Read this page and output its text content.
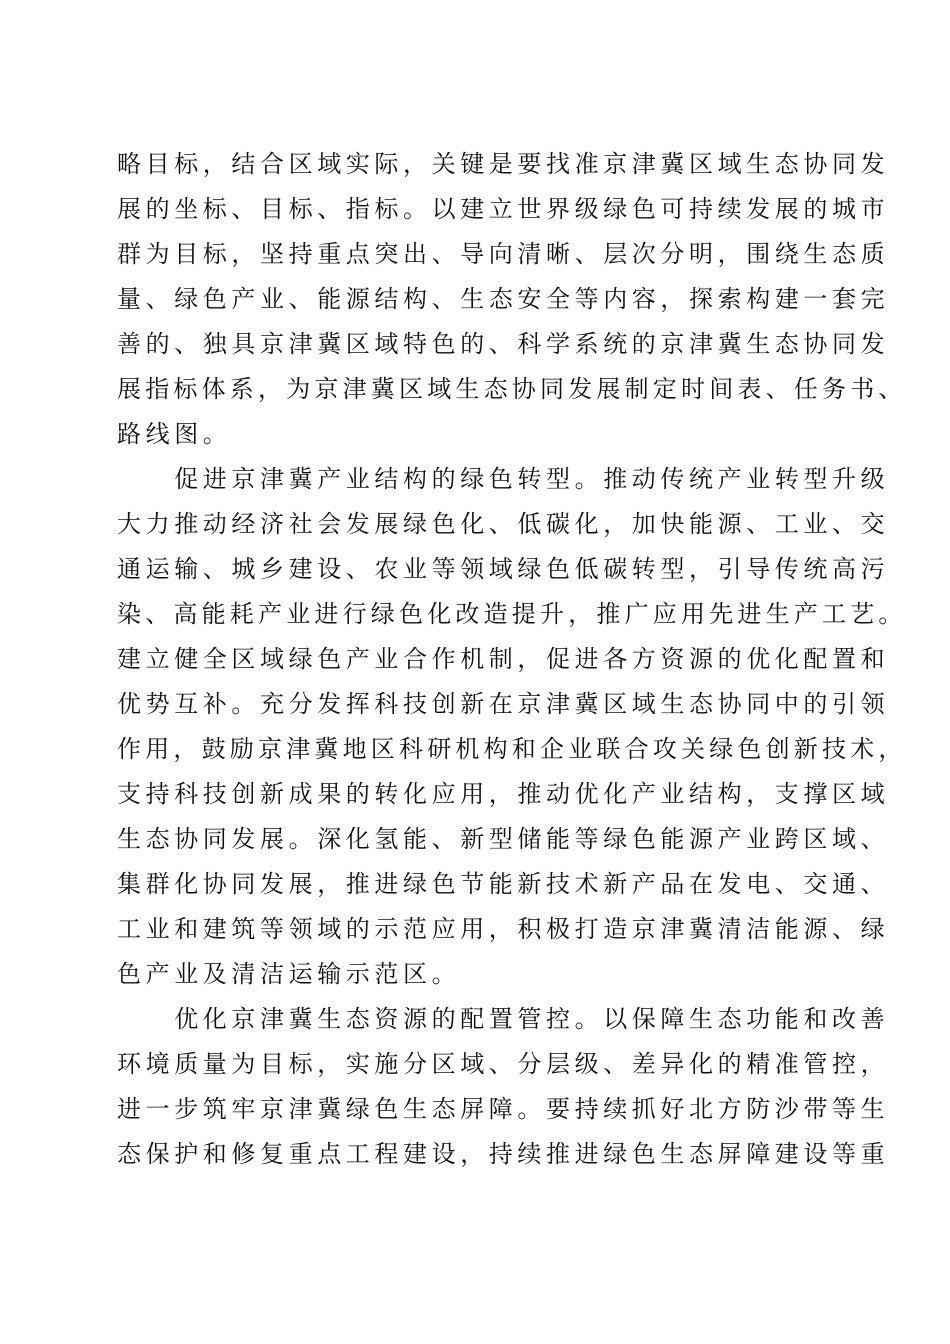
略目标，结合区域实际，关键是要找准京津冀区域生态协同发
展的坐标、目标、指标。以建立世界级绿色可持续发展的城市
群为目标，坚持重点突出、导向清晰、层次分明，围绕生态质
量、绿色产业、能源结构、生态安全等内容，探索构建一套完
善的、独具京津冀区域特色的、科学系统的京津冀生态协同发
展指标体系，为京津冀区域生态协同发展制定时间表、任务书、
路线图。
　　促进京津冀产业结构的绿色转型。推动传统产业转型升级
大力推动经济社会发展绿色化、低碳化，加快能源、工业、交
通运输、城乡建设、农业等领域绿色低碳转型，引导传统高污
染、高能耗产业进行绿色化改造提升，推广应用先进生产工艺。
建立健全区域绿色产业合作机制，促进各方资源的优化配置和
优势互补。充分发挥科技创新在京津冀区域生态协同中的引领
作用，鼓励京津冀地区科研机构和企业联合攻关绿色创新技术，
支持科技创新成果的转化应用，推动优化产业结构，支撑区域
生态协同发展。深化氢能、新型储能等绿色能源产业跨区域、
集群化协同发展，推进绿色节能新技术新产品在发电、交通、
工业和建筑等领域的示范应用，积极打造京津冀清洁能源、绿
色产业及清洁运输示范区。
　　优化京津冀生态资源的配置管控。以保障生态功能和改善
环境质量为目标，实施分区域、分层级、差异化的精准管控，
进一步筑牢京津冀绿色生态屏障。要持续抓好北方防沙带等生
态保护和修复重点工程建设，持续推进绿色生态屏障建设等重
